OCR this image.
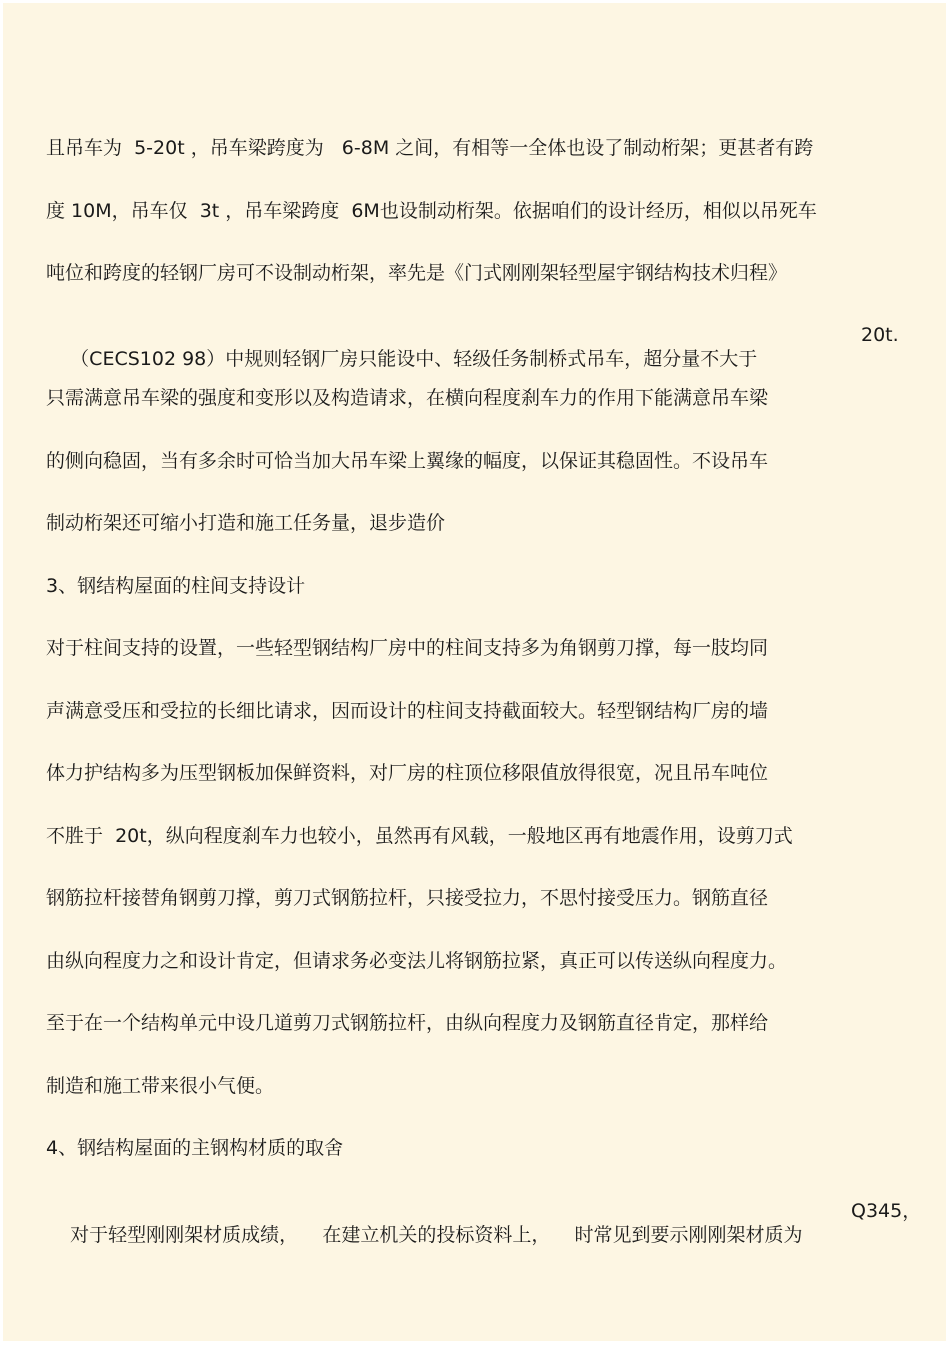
且吊车为  5-20t ，吊车梁跨度为   6-8M 之间，有相等一全体也设了制动桁架；更甚者有跨

度 10M，吊车仅  3t ，吊车梁跨度  6M也设制动桁架。依据咱们的设计经历，相似以吊死车

吨位和跨度的轻钢厂房可不设制动桁架，率先是《门式刚刚架轻型屋宇钢结构技术归程》

（CECS102 98）中规则轻钢厂房只能设中、轻级任务制桥式吊车，超分量不大于

20t.

只需满意吊车梁的强度和变形以及构造请求，在横向程度刹车力的作用下能满意吊车梁

的侧向稳固，当有多余时可恰当加大吊车梁上翼缘的幅度，以保证其稳固性。不设吊车

制动桁架还可缩小打造和施工任务量，退步造价

3、钢结构屋面的柱间支持设计

对于柱间支持的设置，一些轻型钢结构厂房中的柱间支持多为角钢剪刀撑，每一肢均同

声满意受压和受拉的长细比请求，因而设计的柱间支持截面较大。轻型钢结构厂房的墙

体力护结构多为压型钢板加保鲜资料，对厂房的柱顶位移限值放得很宽，况且吊车吨位

不胜于  20t，纵向程度刹车力也较小，虽然再有风载，一般地区再有地震作用，设剪刀式

钢筋拉杆接替角钢剪刀撑，剪刀式钢筋拉杆，只接受拉力，不思忖接受压力。钢筋直径

由纵向程度力之和设计肯定，但请求务必变法儿将钢筋拉紧，真正可以传送纵向程度力。

至于在一个结构单元中设几道剪刀式钢筋拉杆，由纵向程度力及钢筋直径肯定，那样给

制造和施工带来很小气便。

4、钢结构屋面的主钢构材质的取舍

对于轻型刚刚架材质成绩，    在建立机关的投标资料上，    时常见到要示刚刚架材质为

Q345，
